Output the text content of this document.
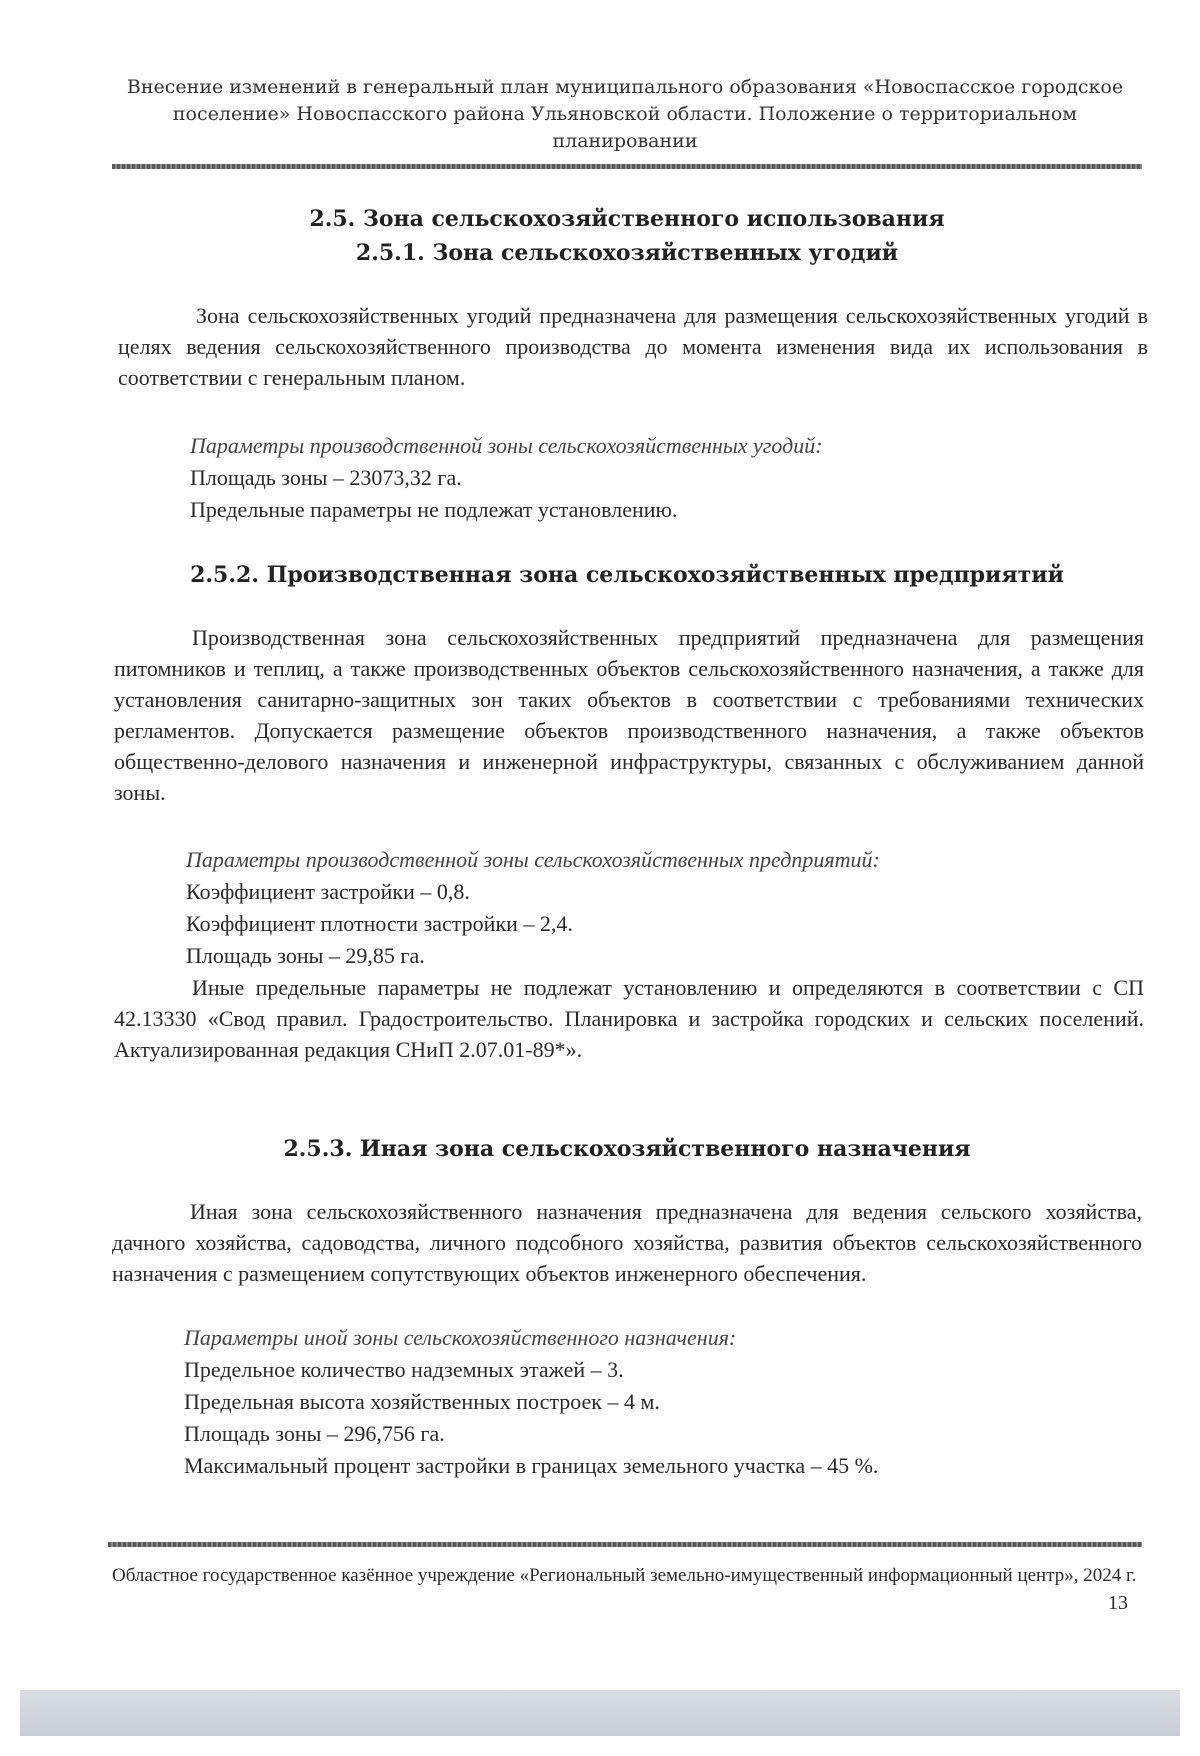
Внесение изменений в генеральный план муниципального образования «Новоспасское городское поселение» Новоспасского района Ульяновской области. Положение о территориальном планировании
2.5. Зона сельскохозяйственного использования
2.5.1. Зона сельскохозяйственных угодий
Зона сельскохозяйственных угодий предназначена для размещения сельскохозяйственных угодий в целях ведения сельскохозяйственного производства до момента изменения вида их использования в соответствии с генеральным планом.
Параметры производственной зоны сельскохозяйственных угодий:
Площадь зоны – 23073,32 га.
Предельные параметры не подлежат установлению.
2.5.2. Производственная зона сельскохозяйственных предприятий
Производственная зона сельскохозяйственных предприятий предназначена для размещения питомников и теплиц, а также производственных объектов сельскохозяйственного назначения, а также для установления санитарно-защитных зон таких объектов в соответствии с требованиями технических регламентов. Допускается размещение объектов производственного назначения, а также объектов общественно-делового назначения и инженерной инфраструктуры, связанных с обслуживанием данной зоны.
Параметры производственной зоны сельскохозяйственных предприятий:
Коэффициент застройки – 0,8.
Коэффициент плотности застройки – 2,4.
Площадь зоны – 29,85 га.
Иные предельные параметры не подлежат установлению и определяются в соответствии с СП 42.13330 «Свод правил. Градостроительство. Планировка и застройка городских и сельских поселений. Актуализированная редакция СНиП 2.07.01-89*».
2.5.3. Иная зона сельскохозяйственного назначения
Иная зона сельскохозяйственного назначения предназначена для ведения сельского хозяйства, дачного хозяйства, садоводства, личного подсобного хозяйства, развития объектов сельскохозяйственного назначения с размещением сопутствующих объектов инженерного обеспечения.
Параметры иной зоны сельскохозяйственного назначения:
Предельное количество надземных этажей – 3.
Предельная высота хозяйственных построек – 4 м.
Площадь зоны – 296,756 га.
Максимальный процент застройки в границах земельного участка – 45 %.
Областное государственное казённое учреждение «Региональный земельно-имущественный информационный центр», 2024 г.
13
